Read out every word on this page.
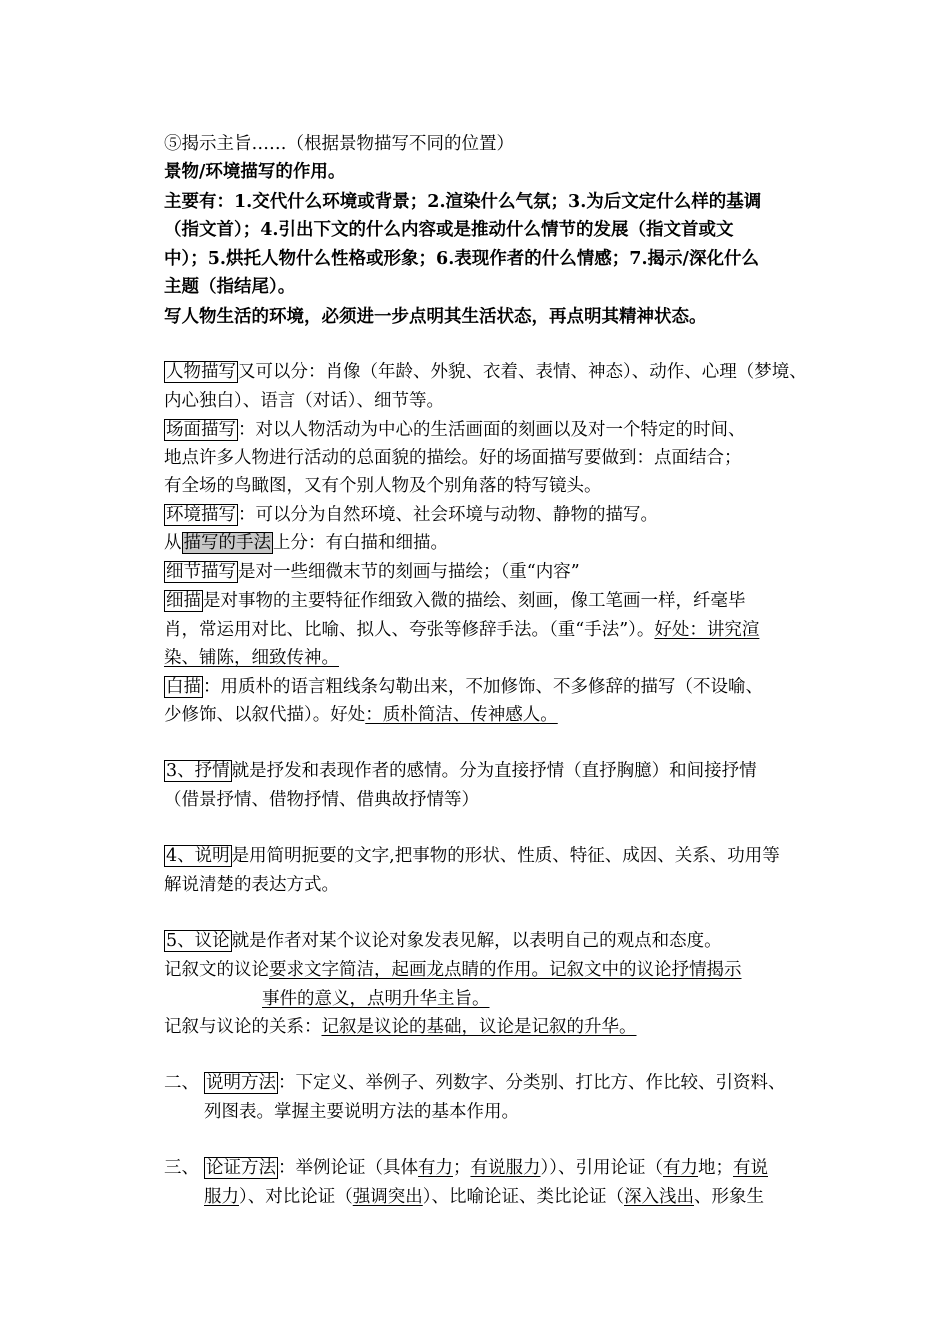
⑤揭示主旨……（根据景物描写不同的位置）
景物/环境描写的作用。
主要有：1.交代什么环境或背景；2.渲染什么气氛；3.为后文定什么样的基调
（指文首）；4.引出下文的什么内容或是推动什么情节的发展（指文首或文
中）；5.烘托人物什么性格或形象；6.表现作者的什么情感；7.揭示/深化什么
主题（指结尾）。
写人物生活的环境，必须进一步点明其生活状态，再点明其精神状态。
人物描写 又可以分：肖像（年龄、外貌、衣着、表情、神态）、动作、心理（梦境、
内心独白）、语言（对话）、细节等。
场面描写 ：对以人物活动为中心的生活画面的刻画以及对一个特定的时间、
地点许多人物进行活动的总面貌的描绘。好的场面描写要做到：点面结合；
有全场的鸟瞰图，又有个别人物及个别角落的特写镜头。
环境描写 ：可以分为自然环境、社会环境与动物、静物的描写。
从 描写的手法 上分：有白描和细描。
细节描写 是对一些细微末节的刻画与描绘；（重“内容”
细描 是对事物的主要特征作细致入微的描绘、刻画，像工笔画一样，纤毫毕
肖，常运用对比、比喻、拟人、夸张等修辞手法。（重“手法”）。好处：讲究渲
染、铺陈，细致传神。
白描 ：用质朴的语言粗线条勾勒出来，不加修饰、不多修辞的描写（不设喻、
少修饰、以叙代描）。好处：质朴简洁、传神感人。
3、抒情 就是抒发和表现作者的感情。分为直接抒情（直抒胸臆）和间接抒情
（借景抒情、借物抒情、借典故抒情等）
4、说明 是用简明扼要的文字,把事物的形状、性质、特征、成因、关系、功用等
解说清楚的表达方式。
5、议论 就是作者对某个议论对象发表见解，以表明自己的观点和态度。
记叙文的议论要求文字简洁，起画龙点睛的作用。记叙文中的议论抒情揭示
事件的意义，点明升华主旨。
记叙与议论的关系：记叙是议论的基础，议论是记叙的升华。
二、 说明方法 ：下定义、举例子、列数字、分类别、打比方、作比较、引资料、
列图表。掌握主要说明方法的基本作用。
三、 论证方法 ：举例论证（具体有力；有说服力））、引用论证（有力地；有说
服力）、对比论证（强调突出）、比喻论证、类比论证（深入浅出、形象生
